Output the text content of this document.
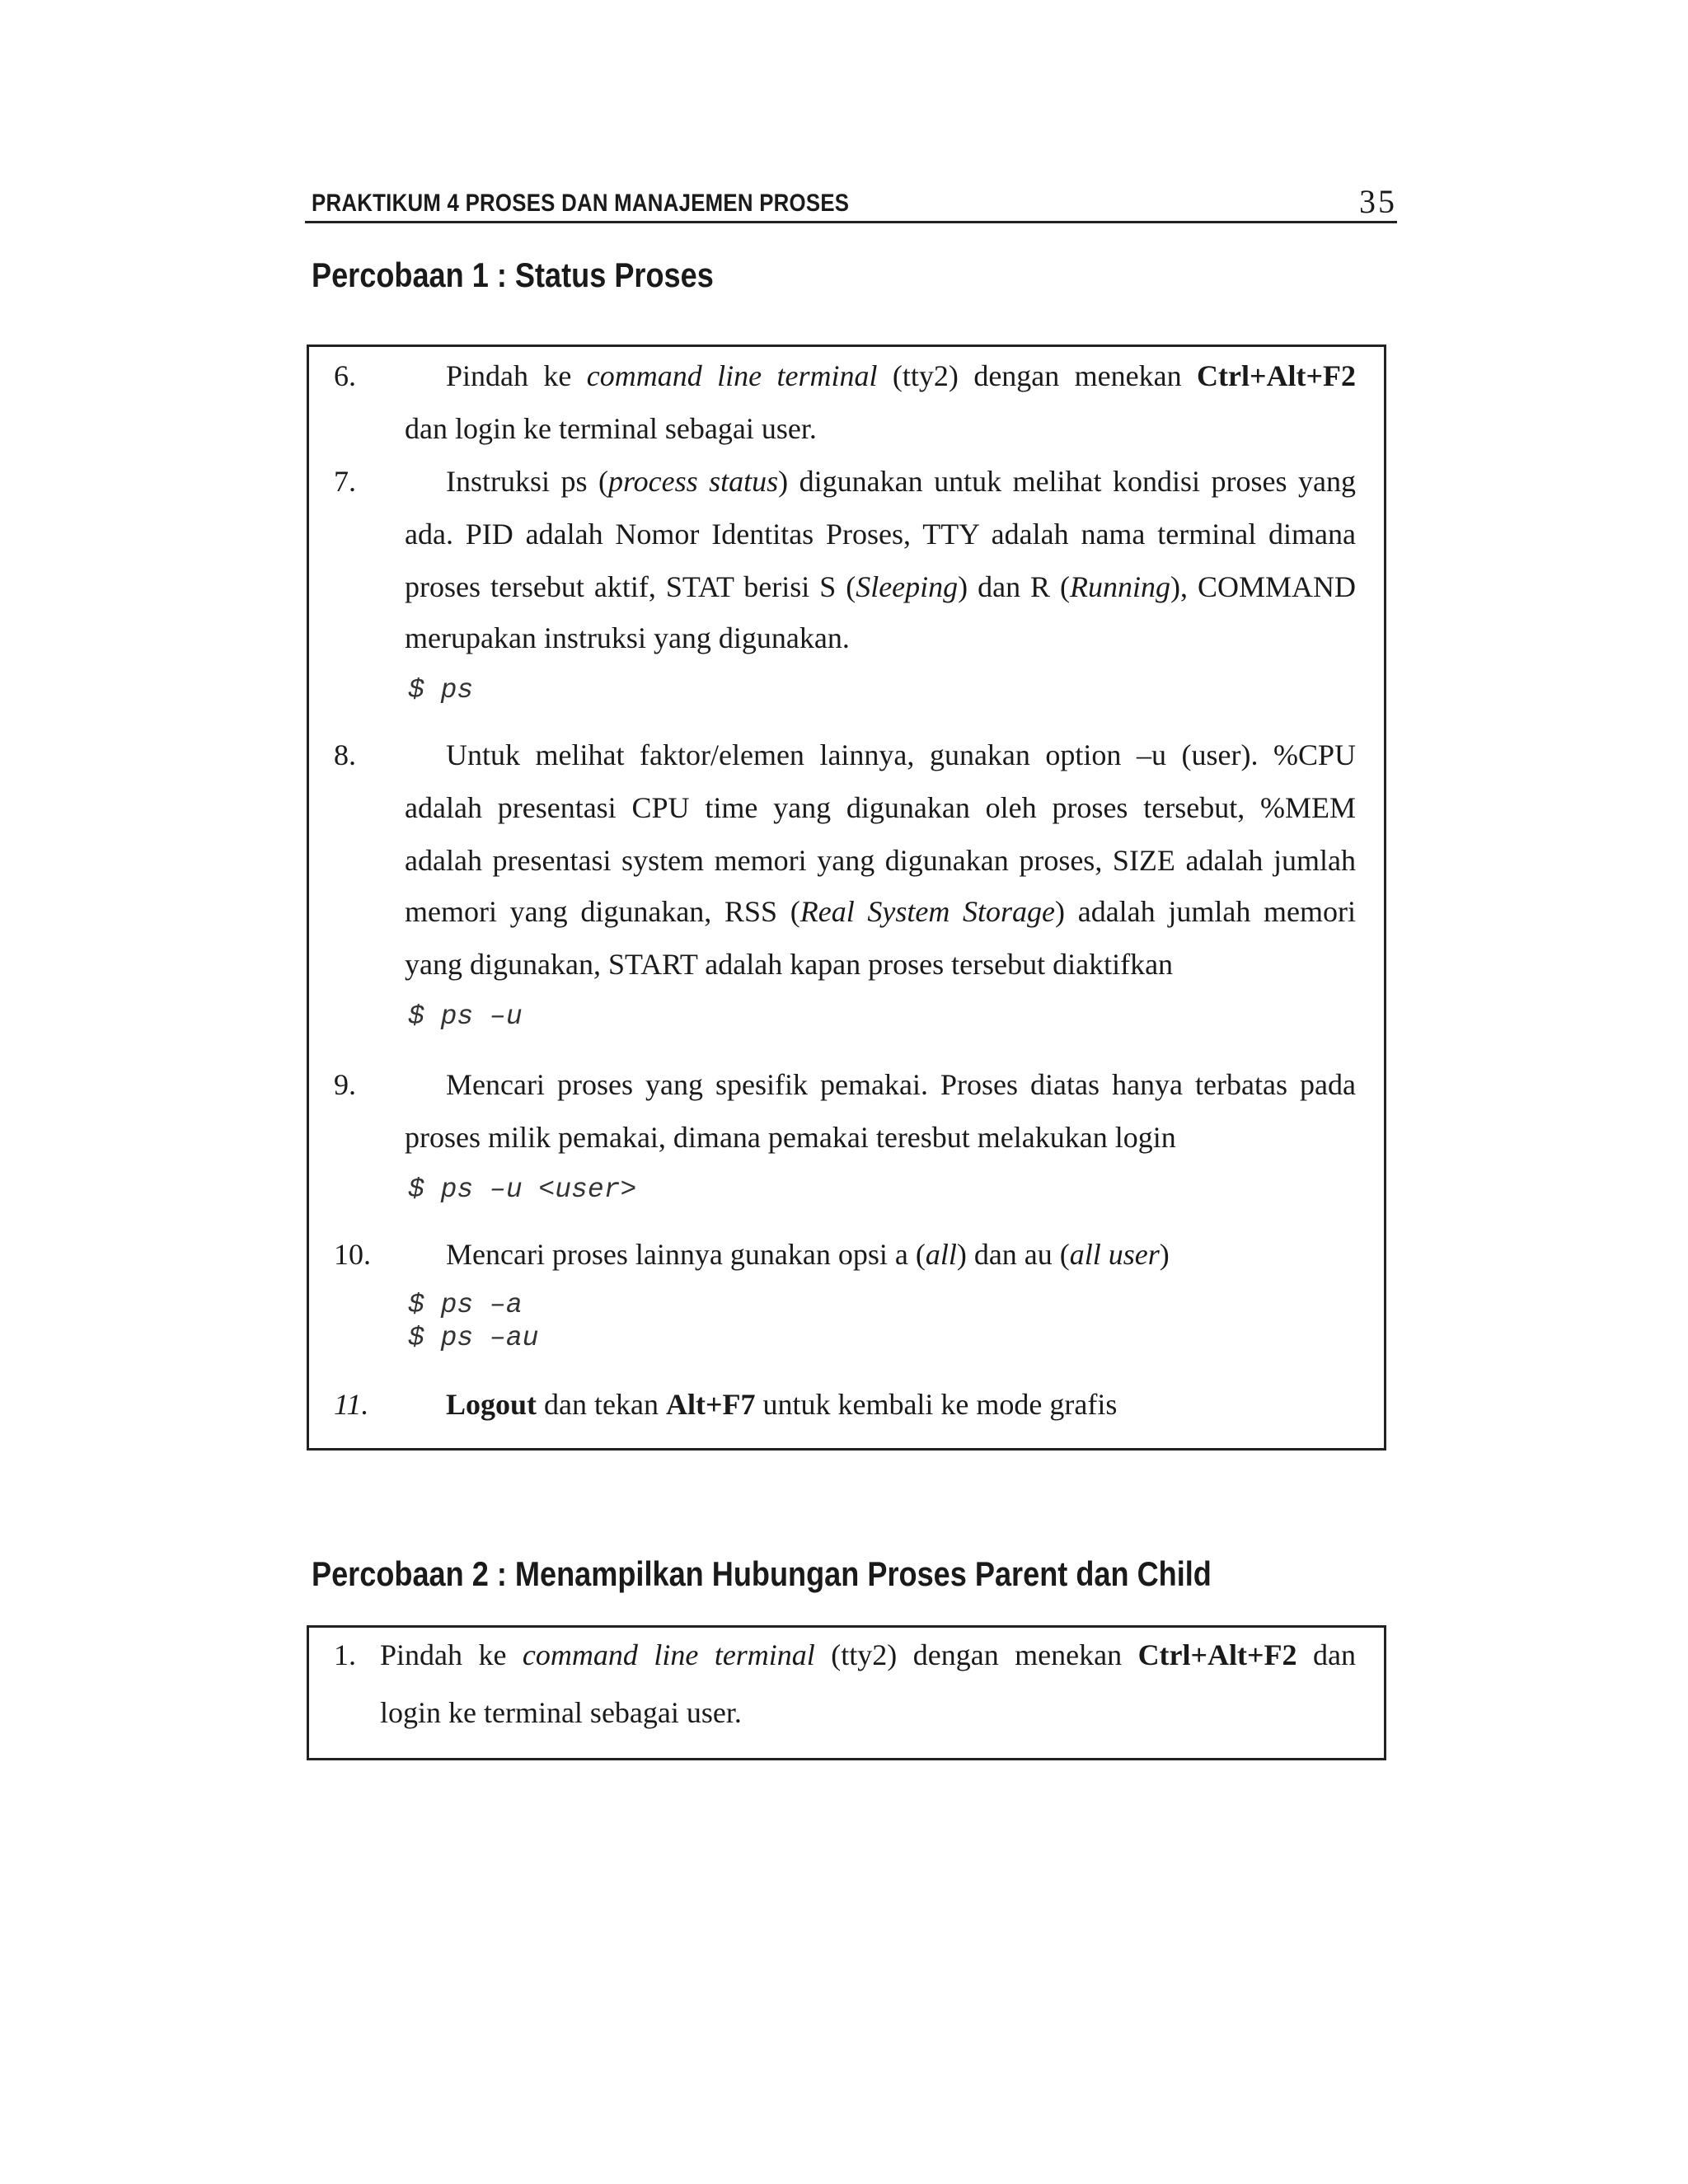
PRAKTIKUM 4 PROSES DAN MANAJEMEN PROSES	35
Percobaan 1 : Status Proses
6.	Pindah ke command line terminal (tty2) dengan menekan Ctrl+Alt+F2
dan login ke terminal sebagai user.
7.	Instruksi ps (process status) digunakan untuk melihat kondisi proses yang
ada. PID adalah Nomor Identitas Proses, TTY adalah nama terminal dimana
proses tersebut aktif, STAT berisi S (Sleeping) dan R (Running), COMMAND
merupakan instruksi yang digunakan.
$ ps
8.	Untuk melihat faktor/elemen lainnya, gunakan option –u (user). %CPU
adalah presentasi CPU time yang digunakan oleh proses tersebut, %MEM
adalah presentasi system memori yang digunakan proses, SIZE adalah jumlah
memori yang digunakan, RSS (Real System Storage) adalah jumlah memori
yang digunakan, START adalah kapan proses tersebut diaktifkan
$ ps –u
9.	Mencari proses yang spesifik pemakai. Proses diatas hanya terbatas pada
proses milik pemakai, dimana pemakai teresbut melakukan login
$ ps –u <user>
10.	Mencari proses lainnya gunakan opsi a (all) dan au (all user)
$ ps –a
$ ps –au
11.	Logout dan tekan Alt+F7 untuk kembali ke mode grafis
Percobaan 2 : Menampilkan Hubungan Proses Parent dan Child
1. Pindah ke command line terminal (tty2) dengan menekan Ctrl+Alt+F2 dan
login ke terminal sebagai user.
